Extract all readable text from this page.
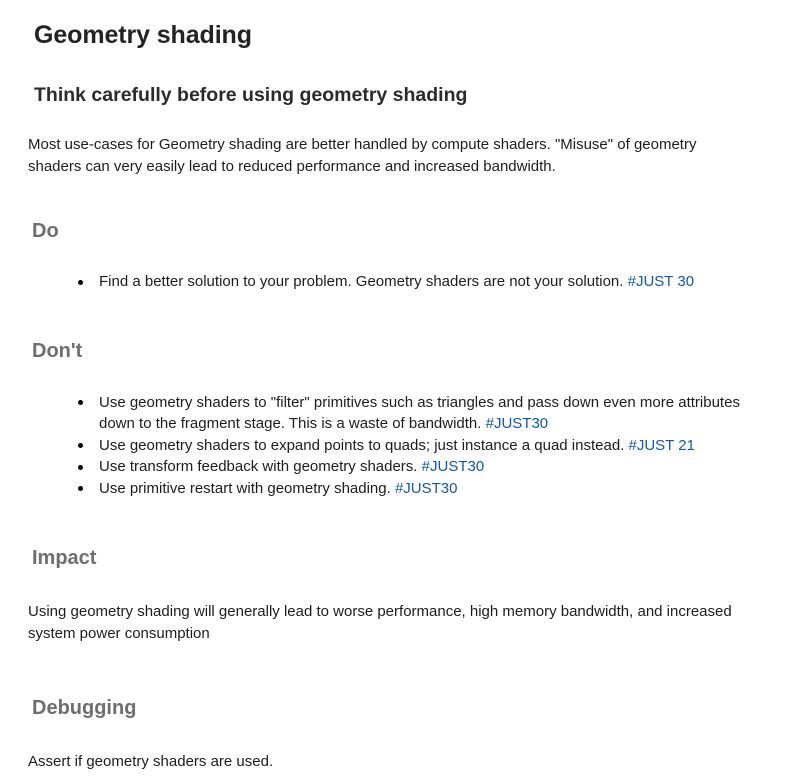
Geometry shading
Think carefully before using geometry shading

Most use-cases for Geometry shading are better handled by compute shaders. "Misuse" of geometry shaders can very easily lead to reduced performance and increased bandwidth.

Do
Find a better solution to your problem. Geometry shaders are not your solution. #JUST 30
Don't
Use geometry shaders to "filter" primitives such as triangles and pass down even more attributes down to the fragment stage. This is a waste of bandwidth. #JUST30
Use geometry shaders to expand points to quads; just instance a quad instead. #JUST 21
Use transform feedback with geometry shaders. #JUST30
Use primitive restart with geometry shading. #JUST30
Impact

Using geometry shading will generally lead to worse performance, high memory bandwidth, and increased system power consumption

Debugging

Assert if geometry shaders are used.
